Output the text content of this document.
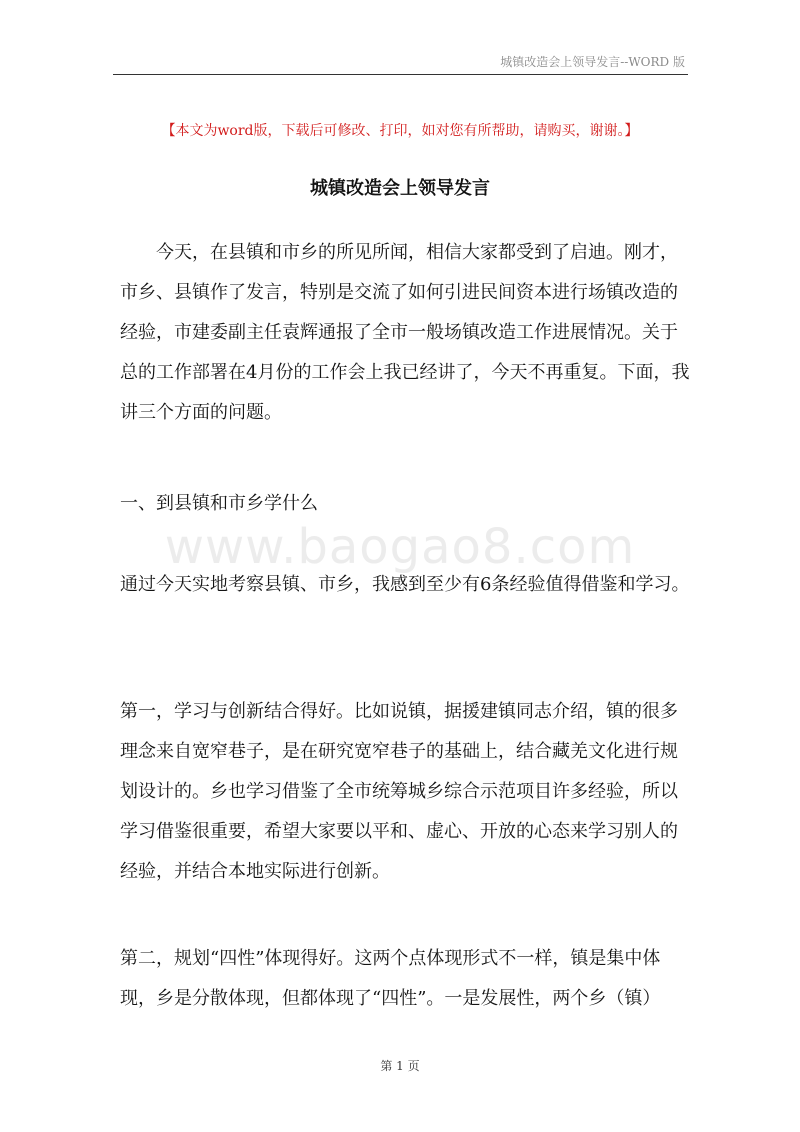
城镇改造会上领导发言--WORD 版
【本文为word版，下载后可修改、打印，如对您有所帮助，请购买，谢谢。】
城镇改造会上领导发言

今天，在县镇和市乡的所见所闻，相信大家都受到了启迪。刚才，市乡、县镇作了发言，特别是交流了如何引进民间资本进行场镇改造的经验，市建委副主任袁辉通报了全市一般场镇改造工作进展情况。关于总的工作部署在4月份的工作会上我已经讲了，今天不再重复。下面，我讲三个方面的问题。

一、到县镇和市乡学什么

www.baogao8.com

通过今天实地考察县镇、市乡，我感到至少有6条经验值得借鉴和学习。

第一，学习与创新结合得好。比如说镇，据援建镇同志介绍，镇的很多理念来自宽窄巷子，是在研究宽窄巷子的基础上，结合藏羌文化进行规划设计的。乡也学习借鉴了全市统筹城乡综合示范项目许多经验，所以学习借鉴很重要，希望大家要以平和、虚心、开放的心态来学习别人的经验，并结合本地实际进行创新。

第二，规划“四性”体现得好。这两个点体现形式不一样，镇是集中体现，乡是分散体现，但都体现了“四性”。一是发展性，两个乡（镇）

第 1 页
